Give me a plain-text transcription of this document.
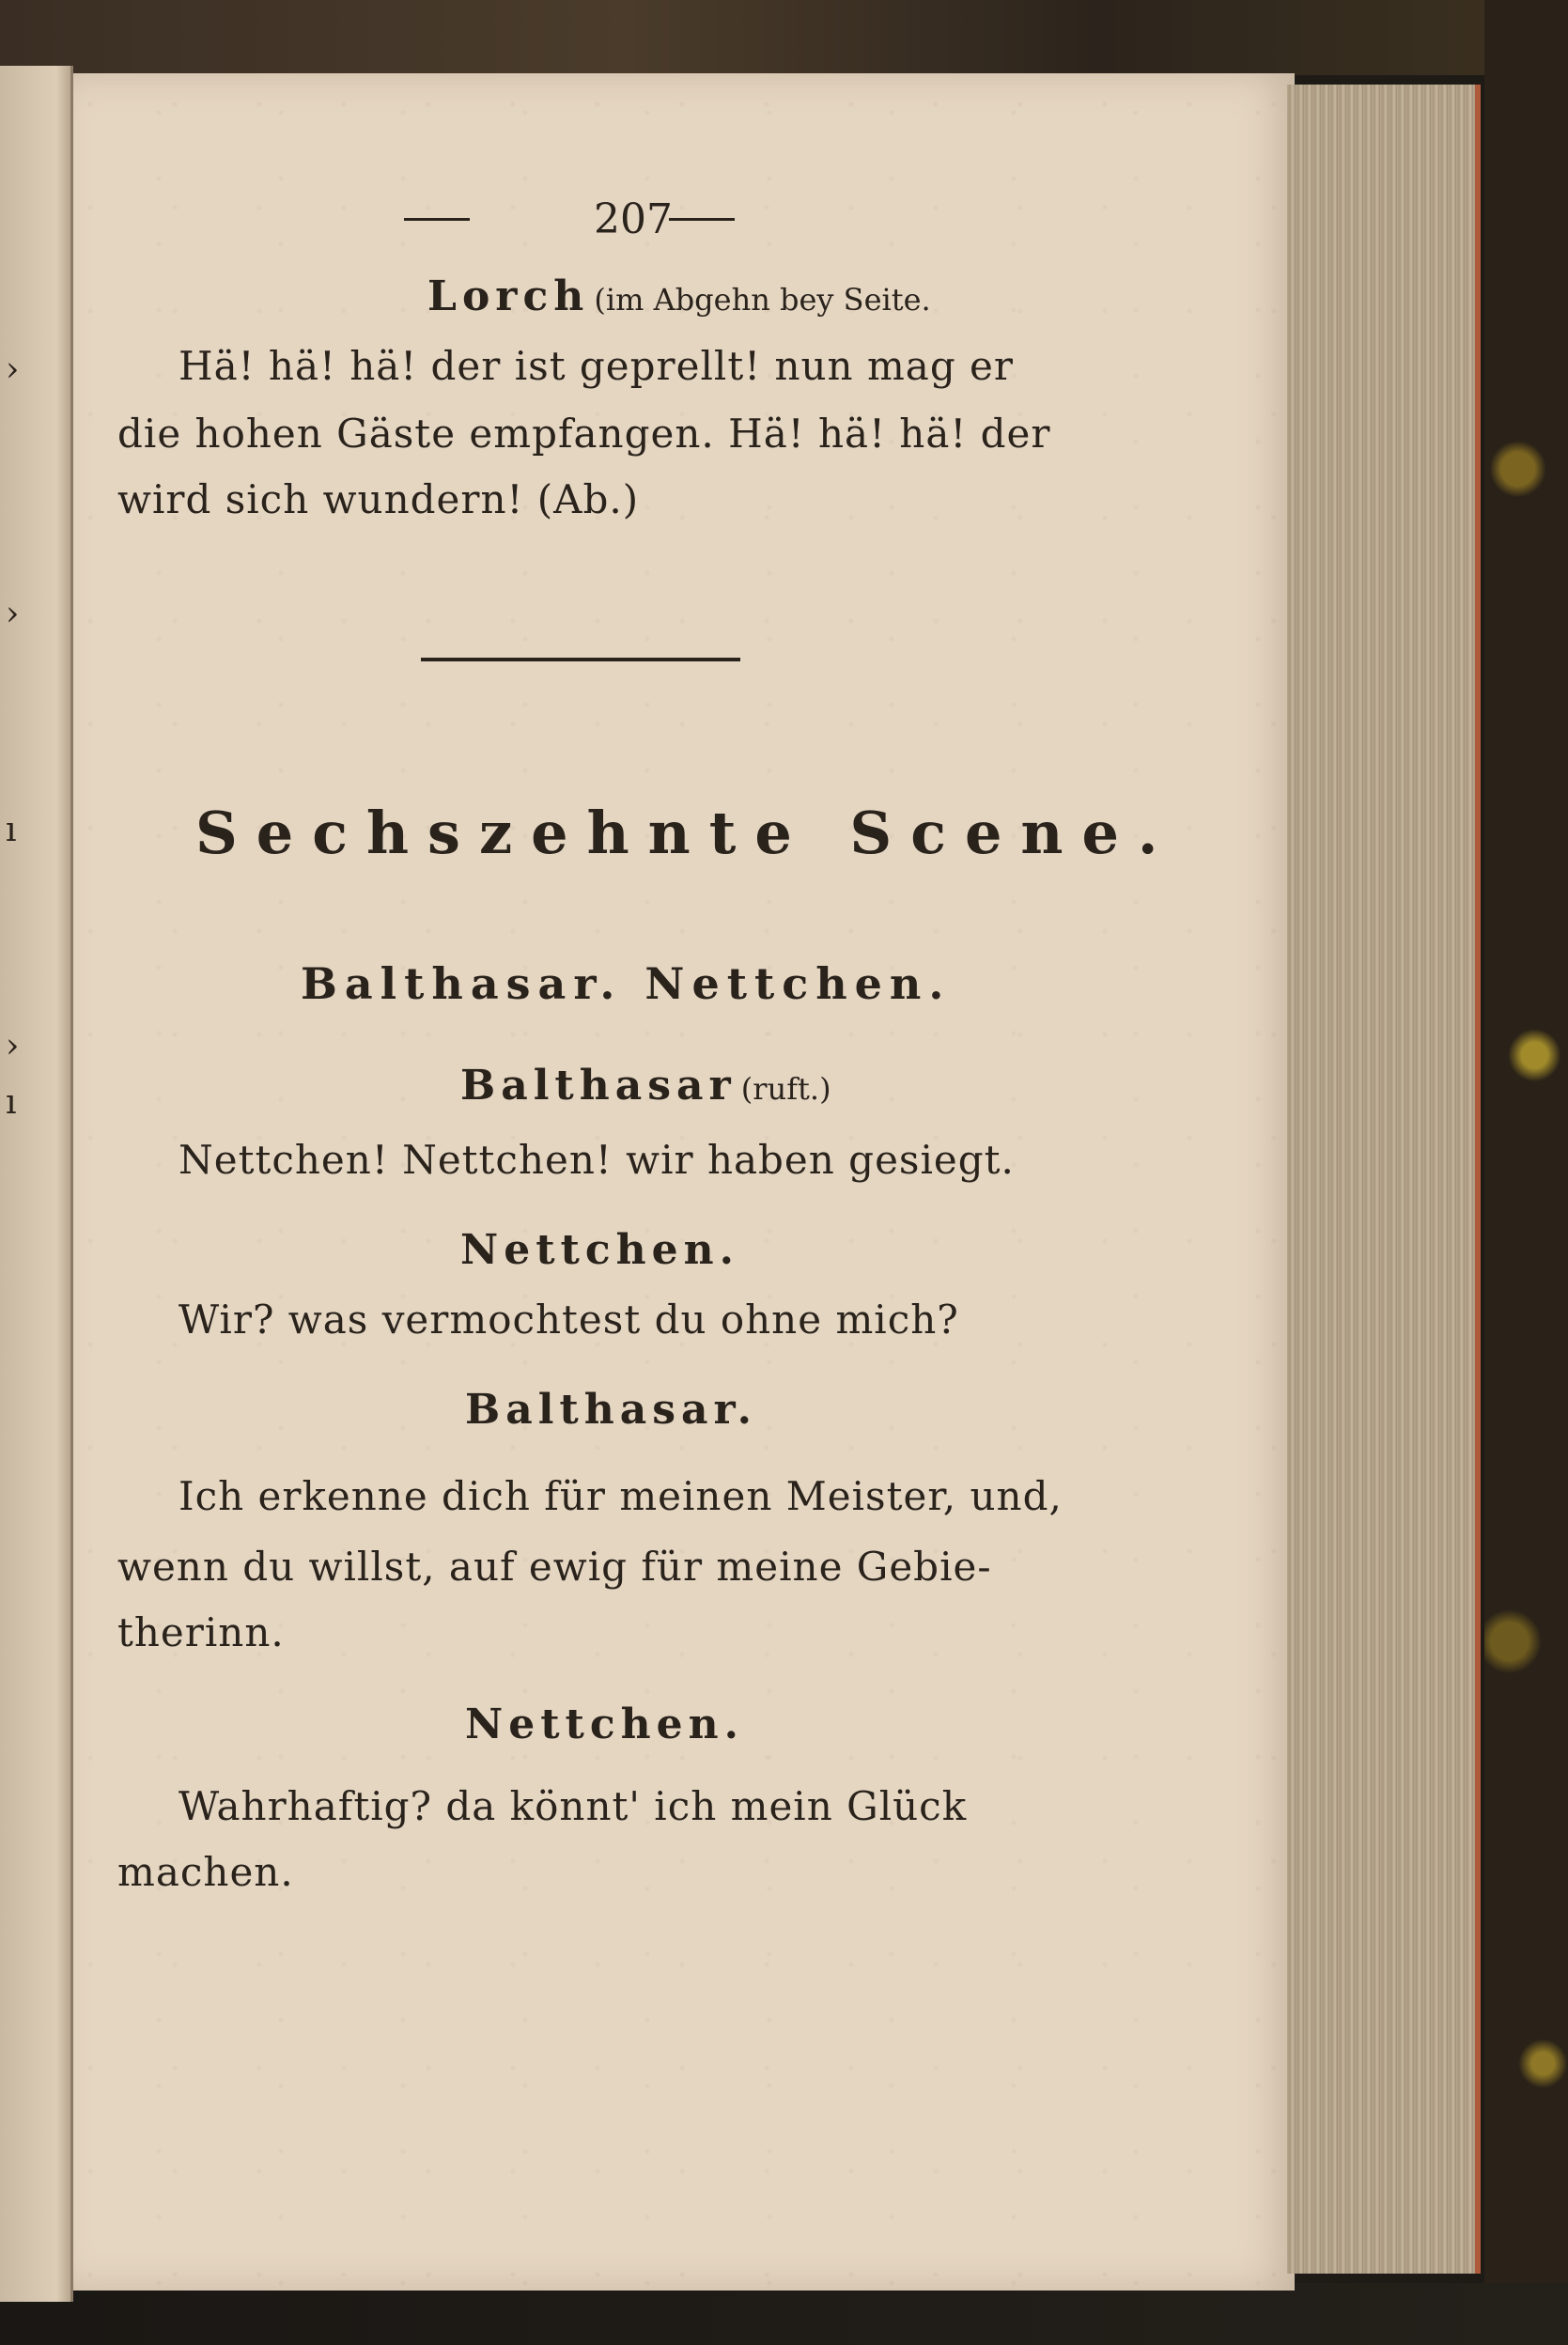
›
›
ı
›
ı
207
Lorch (im Abgehn bey Seite.
Hä! hä! hä! der ist geprellt! nun mag er
die hohen Gäste empfangen. Hä! hä! hä! der
wird sich wundern! (Ab.)
Sechszehnte Scene.
Balthasar. Nettchen.
Balthasar (ruft.)
Nettchen! Nettchen! wir haben gesiegt.
Nettchen.
Wir? was vermochtest du ohne mich?
Balthasar.
Ich erkenne dich für meinen Meister, und,
wenn du willst, auf ewig für meine Gebie-
therinn.
Nettchen.
Wahrhaftig? da könnt' ich mein Glück
machen.
